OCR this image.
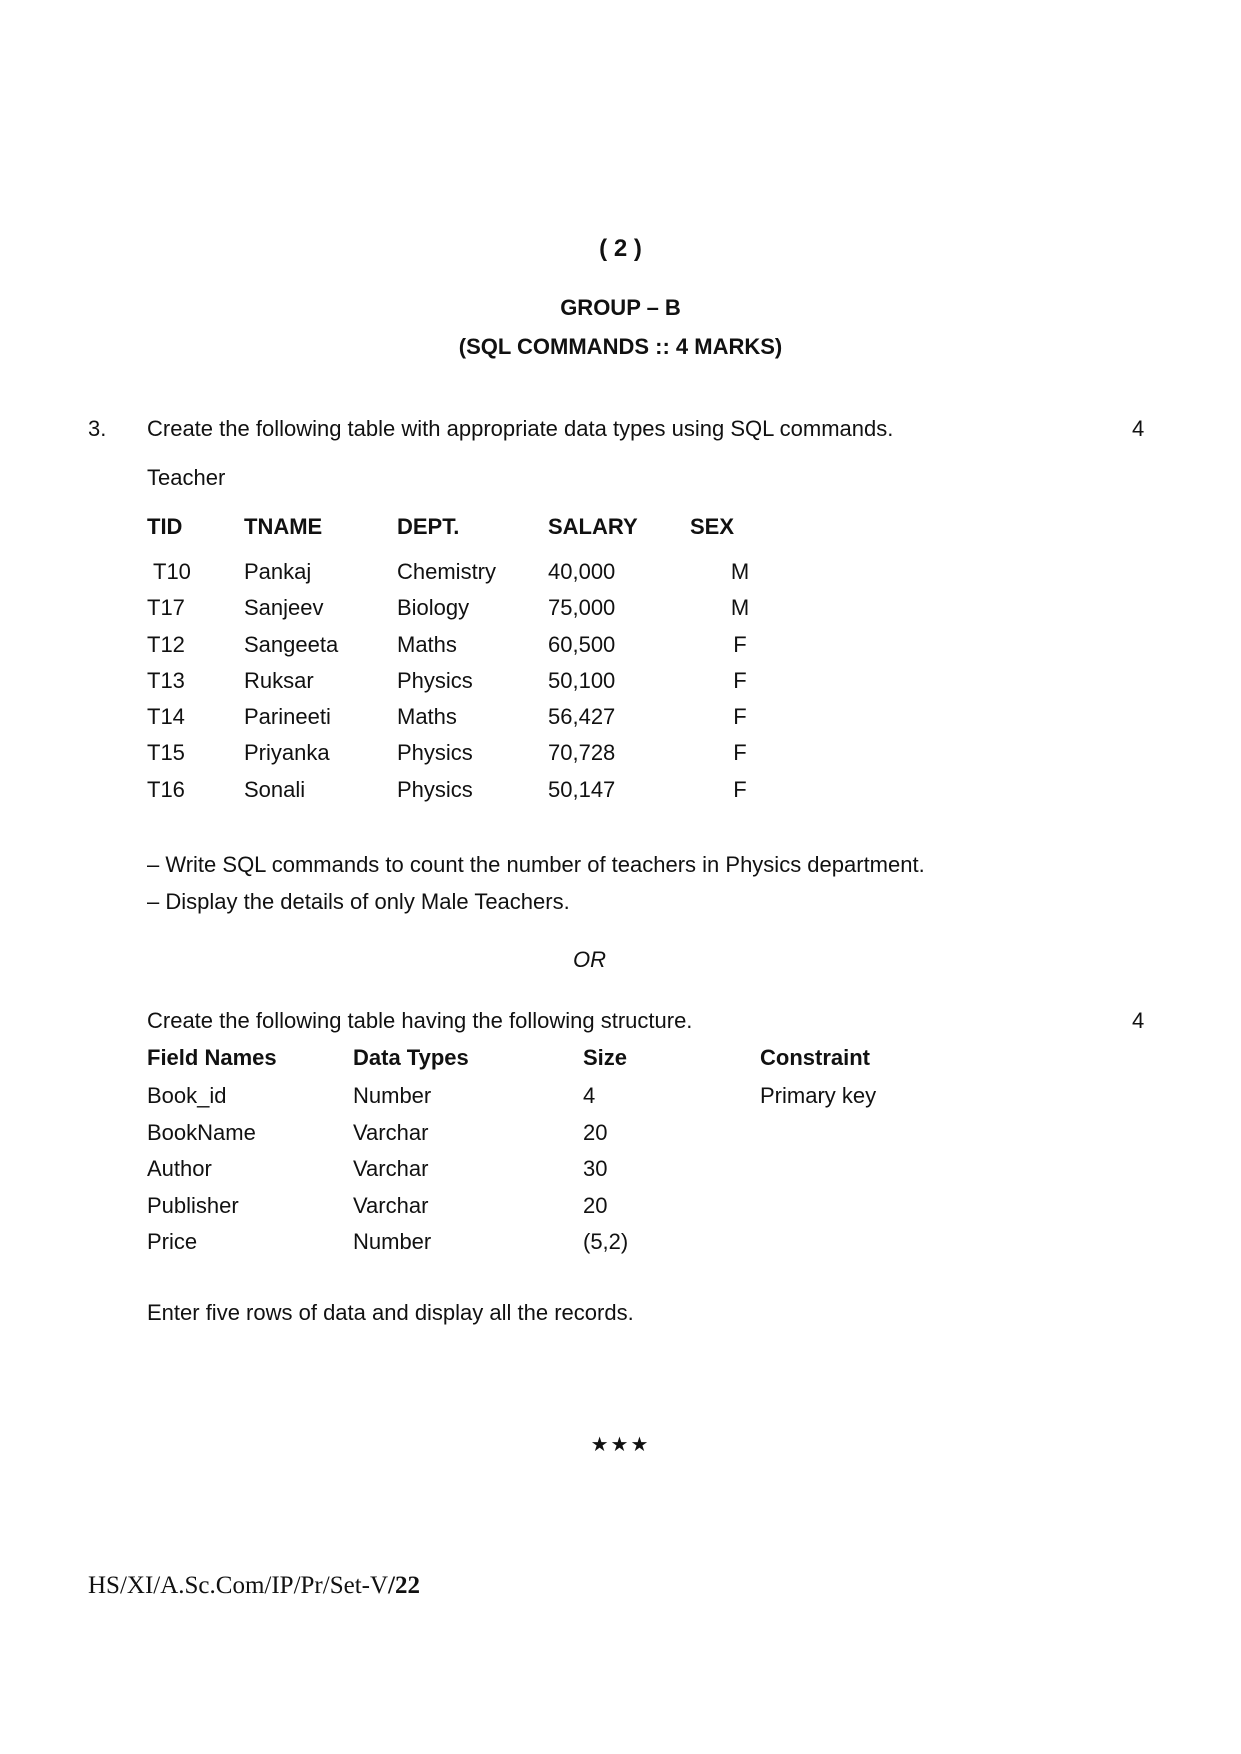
( 2 )
GROUP – B
(SQL COMMANDS :: 4 MARKS)
3. Create the following table with appropriate data types using SQL commands.	4
Teacher
TID	TNAME	DEPT.	SALARY	SEX
T10	Pankaj	Chemistry	40,000	M
T17	Sanjeev	Biology	75,000	M
T12	Sangeeta	Maths	60,500	F
T13	Ruksar	Physics	50,100	F
T14	Parineeti	Maths	56,427	F
T15	Priyanka	Physics	70,728	F
T16	Sonali	Physics	50,147	F
– Write SQL commands to count the number of teachers in Physics department.
– Display the details of only Male Teachers.
OR
Create the following table having the following structure.	4
Field Names	Data Types	Size	Constraint
Book_id	Number	4	Primary key
BookName	Varchar	20	
Author	Varchar	30	
Publisher	Varchar	20	
Price	Number	(5,2)	
Enter five rows of data and display all the records.
★★★
HS/XI/A.Sc.Com/IP/Pr/Set-V/22
